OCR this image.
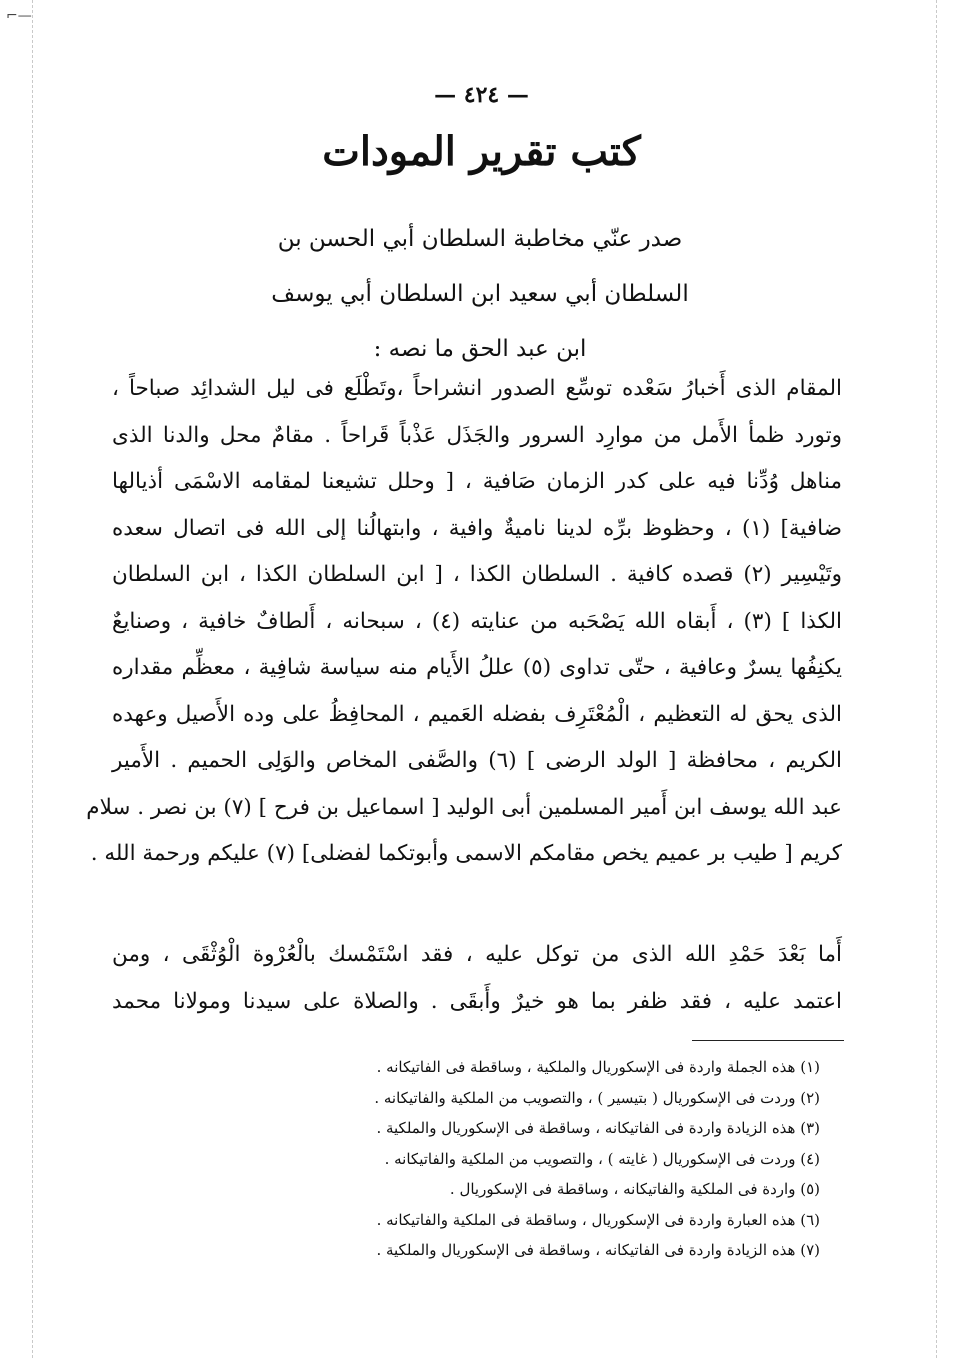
⌐—
— ٤٢٤ —
كتب تقرير المودات
صدر عنّي مخاطبة السلطان أبي الحسن بن
السلطان أبي سعيد ابن السلطان أبي يوسف
ابن عبد الحق ما نصه :
المقام الذى أَخبارُ سَعْده توسِّع الصدور انشراحاً ،وتَطْلَع فى ليل الشدائِد صباحاً ،
وتورد ظمأ الأَمل من موارِد السرور والجَذَل عَذْباً قَراحاً . مقامٌ محل والدنا الذى
مناهل وُدِّنا فيه على كدر الزمان صَافية ، [ وحلل تشيعنا لمقامه الاسْمَى أذيالها
ضافية] (١) ، وحظوظ برِّه لدينا ناميةٌ وافية ، وابتهالُنا إلى الله فى اتصال سعده
وتَيْسِير (٢) قصده كافية . السلطان الكذا ، [ ابن السلطان الكذا ، ابن السلطان
الكذا ] (٣) ، أَبقاه الله يَصْحَبه من عنايته (٤) ، سبحانه ، أَلطافٌ خافية ، وصنايعٌ
يكنِفُها يسرٌ وعافية ، حتّى تداوى (٥) عللُ الأَيام منه سياسة شافِية ، معظِّم مقداره
الذى يحق له التعظيم ، الْمُعْتَرِف بفضله العَميم ، المحافِظُ على وده الأَصيل وعهده
الكريم ، محافظة [ الولد الرضى ] (٦) والصَّفى المخاص والوَلِى الحميم . الأَمير
عبد الله يوسف ابن أَمير المسلمين أبى الوليد [ اسماعيل بن فرح ] (٧) بن نصر . سلام
كريم [ طيب بر عميم يخص مقامكم الاسمى وأبوتكما لفضلى] (٧) عليكم ورحمة الله .
أَما بَعْدَ حَمْدِ الله الذى من توكل عليه ، فقد اسْتَمْسك بالْعُرْوة الْوُثْقَى ، ومن
اعتمد عليه ، فقد ظفر بما هو خيرٌ وأَبقَى . والصلاة على سيدنا ومولانا محمد
(١) هذه الجملة واردة فى الإسكوريال والملكية ، وساقطة فى الفاتيكانه .
(٢) وردت فى الإسكوريال ( بتيسير ) ، والتصويب من الملكية والفاتيكانه .
(٣) هذه الزيادة واردة فى الفاتيكانه ، وساقطة فى الإسكوريال والملكية .
(٤) وردت فى الإسكوريال ( غايته ) ، والتصويب من الملكية والفاتيكانه .
(٥) واردة فى الملكية والفاتيكانه ، وساقطة فى الإسكوريال .
(٦) هذه العبارة واردة فى الإسكوريال ، وساقطة فى الملكية والفاتيكانه .
(٧) هذه الزيادة واردة فى الفاتيكانه ، وساقطة فى الإسكوريال والملكية .
